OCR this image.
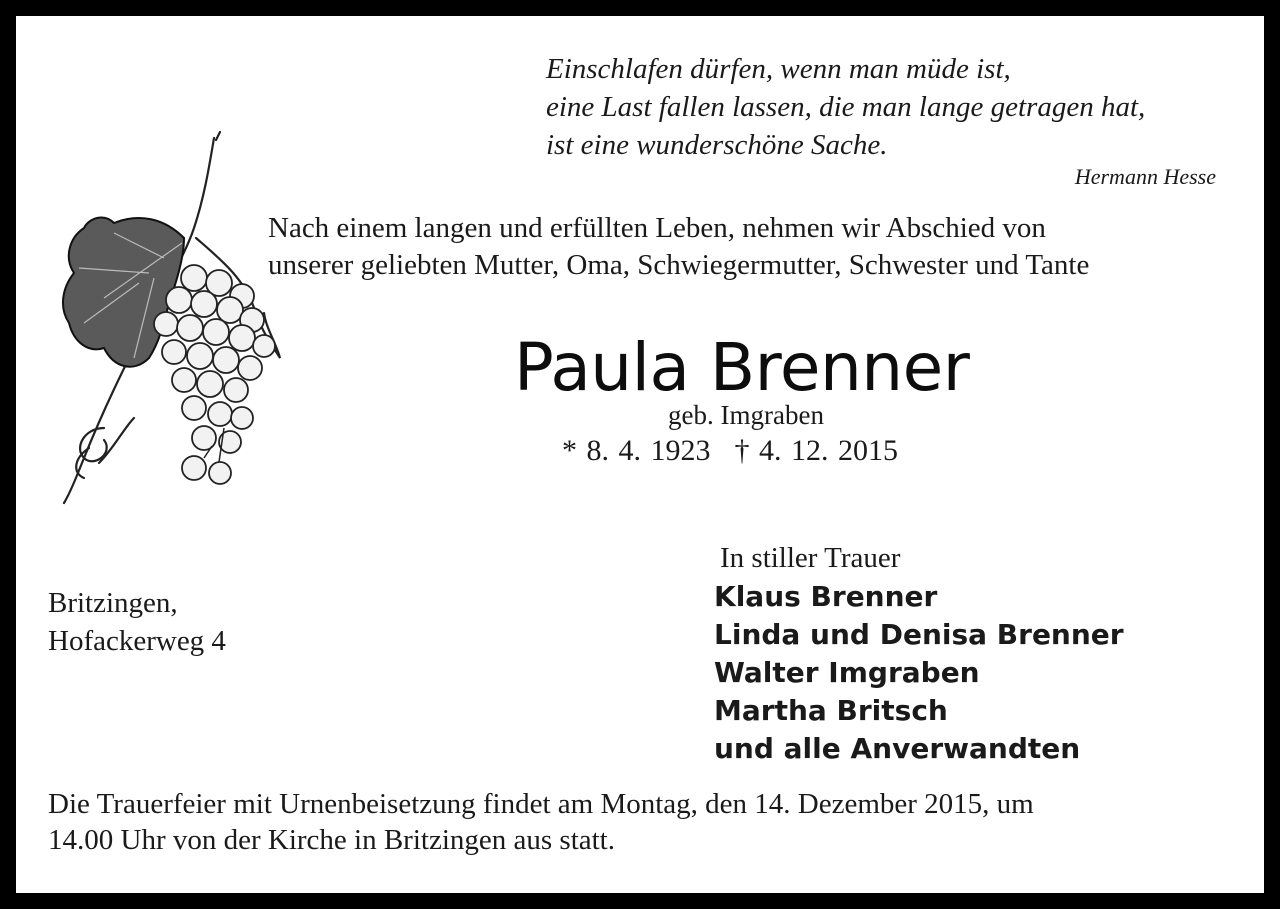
Einschlafen dürfen, wenn man müde ist,
eine Last fallen lassen, die man lange getragen hat,
ist eine wunderschöne Sache.
Hermann Hesse
Nach einem langen und erfüllten Leben, nehmen wir Abschied von
unserer geliebten Mutter, Oma, Schwiegermutter, Schwester und Tante
Paula Brenner
geb. Imgraben
* 8. 4. 1923 † 4. 12. 2015
Britzingen,
Hofackerweg 4
In stiller Trauer
Klaus Brenner
Linda und Denisa Brenner
Walter Imgraben
Martha Britsch
und alle Anverwandten
Die Trauerfeier mit Urnenbeisetzung findet am Montag, den 14. Dezember 2015, um
14.00 Uhr von der Kirche in Britzingen aus statt.
